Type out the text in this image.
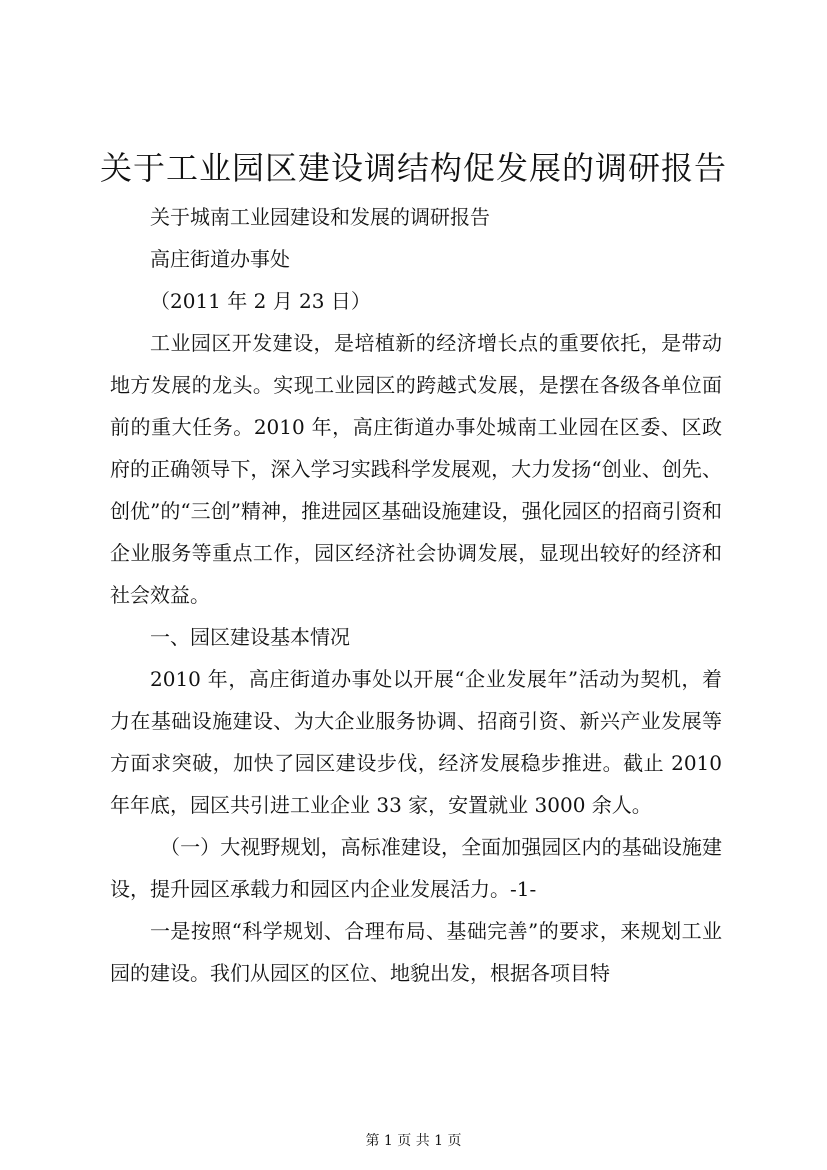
关于工业园区建设调结构促发展的调研报告

关于城南工业园建设和发展的调研报告

高庄街道办事处

（2011 年 2 月 23 日）

工业园区开发建设，是培植新的经济增长点的重要依托，是带动地方发展的龙头。实现工业园区的跨越式发展，是摆在各级各单位面前的重大任务。2010 年，高庄街道办事处城南工业园在区委、区政府的正确领导下，深入学习实践科学发展观，大力发扬“创业、创先、创优”的“三创”精神，推进园区基础设施建设，强化园区的招商引资和企业服务等重点工作，园区经济社会协调发展，显现出较好的经济和社会效益。

一、园区建设基本情况

2010 年，高庄街道办事处以开展“企业发展年”活动为契机，着力在基础设施建设、为大企业服务协调、招商引资、新兴产业发展等方面求突破，加快了园区建设步伐，经济发展稳步推进。截止 2010 年年底，园区共引进工业企业 33 家，安置就业 3000 余人。

（一）大视野规划，高标准建设，全面加强园区内的基础设施建设，提升园区承载力和园区内企业发展活力。-1-

一是按照“科学规划、合理布局、基础完善”的要求，来规划工业园的建设。我们从园区的区位、地貌出发，根据各项目特

第 1 页 共 1 页
